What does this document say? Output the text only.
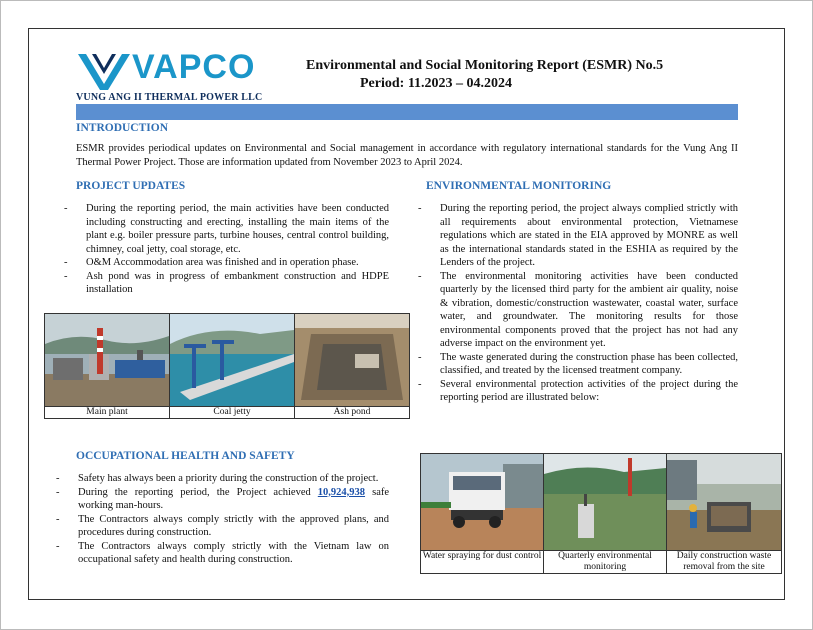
VAPCO
VUNG ANG II THERMAL POWER LLC
Environmental and Social Monitoring Report (ESMR) No.5
Period: 11.2023 – 04.2024
INTRODUCTION
ESMR provides periodical updates on Environmental and Social management in accordance with regulatory international standards for the Vung Ang II Thermal Power Project. Those are information updated from November 2023 to April 2024.
PROJECT UPDATES
- During the reporting period, the main activities have been conducted including constructing and erecting, installing the main items of the plant e.g. boiler pressure parts, turbine houses, central control building, chimney, coal jetty, coal storage, etc.
- O&M Accommodation area was finished and in operation phase.
- Ash pond was in progress of embankment construction and HDPE installation

Main plant	Coal jetty	Ash pond
OCCUPATIONAL HEALTH AND SAFETY
- Safety has always been a priority during the construction of the project.
- During the reporting period, the Project achieved 10,924,938 safe working man-hours.
- The Contractors always comply strictly with the approved plans, and procedures during construction.
- The Contractors always comply strictly with the Vietnam law on occupational safety and health during construction.
ENVIRONMENTAL MONITORING
- During the reporting period, the project always complied strictly with all requirements about environmental protection, Vietnamese regulations which are stated in the EIA approved by MONRE as well as the international standards stated in the ESHIA as required by the Lenders of the project.
- The environmental monitoring activities have been conducted quarterly by the licensed third party for the ambient air quality, noise & vibration, domestic/construction wastewater, coastal water, surface water, and groundwater. The monitoring results for those environmental components proved that the project has not had any adverse impact on the environment yet.
- The waste generated during the construction phase has been collected, classified, and treated by the licensed treatment company.
- Several environmental protection activities of the project during the reporting period are illustrated below:

Water spraying for dust control	Quarterly environmental monitoring	Daily construction waste removal from the site
